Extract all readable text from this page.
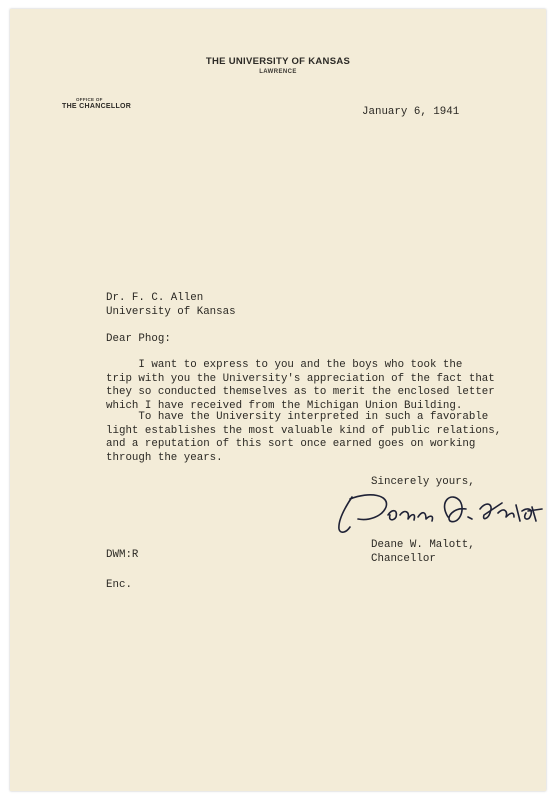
THE UNIVERSITY OF KANSAS
LAWRENCE
OFFICE OF
THE CHANCELLOR	January 6, 1941
Dr. F. C. Allen
University of Kansas
Dear Phog:
I want to express to you and the boys who took the
trip with you the University's appreciation of the fact that
they so conducted themselves as to merit the enclosed letter
which I have received from the Michigan Union Building.
To have the University interpreted in such a favorable
light establishes the most valuable kind of public relations,
and a reputation of this sort once earned goes on working
through the years.
Sincerely yours,
Deane W. Malott,
Chancellor
DWM:R
Enc.
